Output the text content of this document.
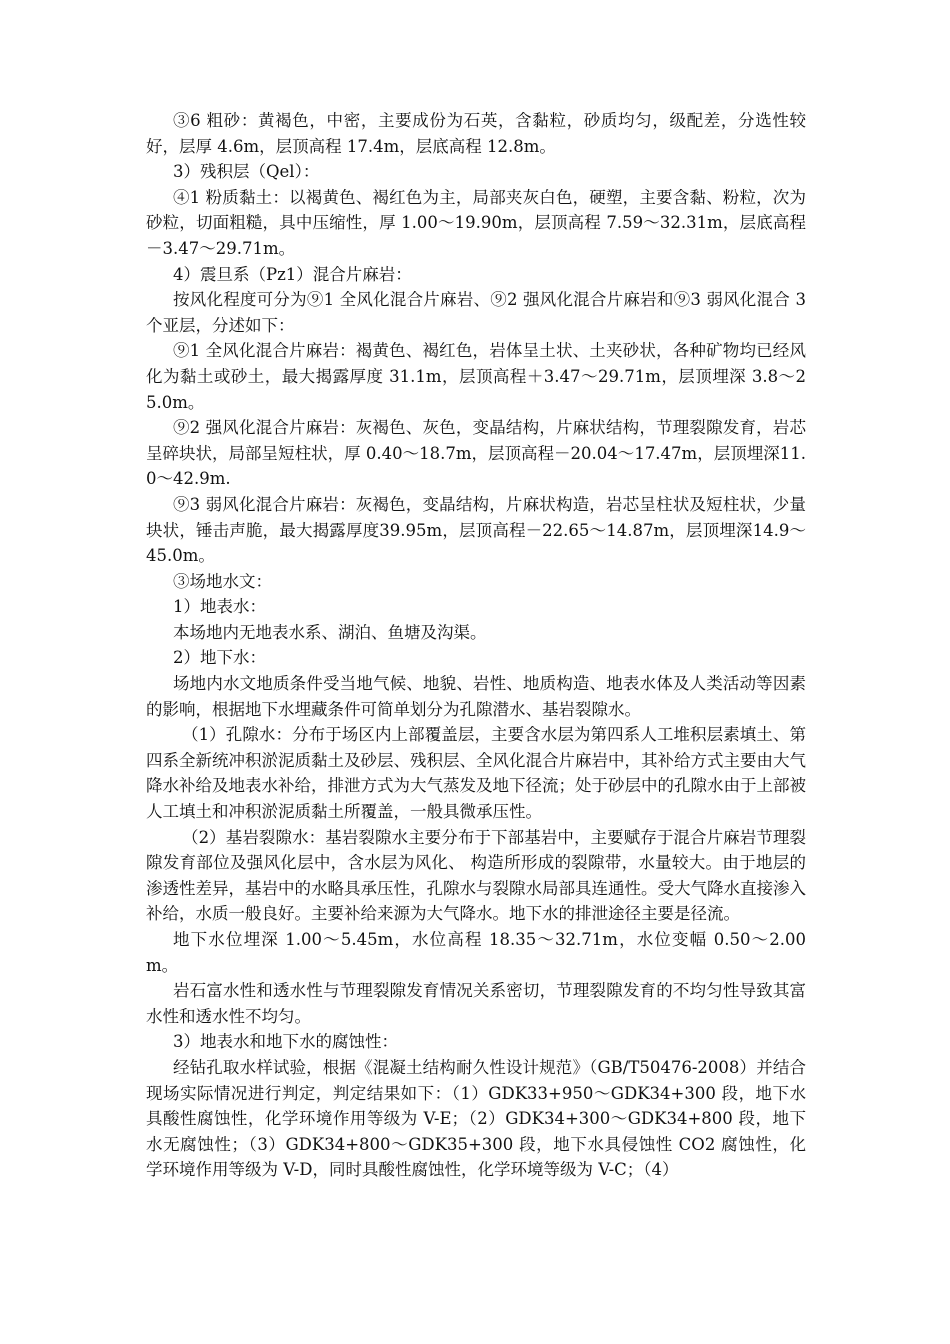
③6 粗砂：黄褐色，中密，主要成份为石英，含黏粒，砂质均匀，级配差，分选性较好，层厚 4.6m，层顶高程 17.4m，层底高程 12.8m。

3）残积层（Qel）：

④1 粉质黏土：以褐黄色、褐红色为主，局部夹灰白色，硬塑，主要含黏、粉粒，次为砂粒，切面粗糙，具中压缩性，厚 1.00～19.90m，层顶高程 7.59～32.31m，层底高程－3.47～29.71m。

4）震旦系（Pz1）混合片麻岩：

按风化程度可分为⑨1 全风化混合片麻岩、⑨2 强风化混合片麻岩和⑨3 弱风化混合 3 个亚层，分述如下：

⑨1 全风化混合片麻岩：褐黄色、褐红色，岩体呈土状、土夹砂状，各种矿物均已经风化为黏土或砂土，最大揭露厚度 31.1m，层顶高程＋3.47～29.71m，层顶埋深 3.8～25.0m。

⑨2 强风化混合片麻岩：灰褐色、灰色，变晶结构，片麻状结构，节理裂隙发育，岩芯呈碎块状，局部呈短柱状，厚 0.40～18.7m，层顶高程－20.04～17.47m，层顶埋深11.0～42.9m.

⑨3 弱风化混合片麻岩：灰褐色，变晶结构，片麻状构造，岩芯呈柱状及短柱状，少量块状，锤击声脆，最大揭露厚度39.95m，层顶高程－22.65～14.87m，层顶埋深14.9～45.0m。

③场地水文：

1）地表水：

本场地内无地表水系、湖泊、鱼塘及沟渠。

2）地下水：

场地内水文地质条件受当地气候、地貌、岩性、地质构造、地表水体及人类活动等因素的影响，根据地下水埋藏条件可简单划分为孔隙潜水、基岩裂隙水。

（1）孔隙水：分布于场区内上部覆盖层，主要含水层为第四系人工堆积层素填土、第四系全新统冲积淤泥质黏土及砂层、残积层、全风化混合片麻岩中，其补给方式主要由大气降水补给及地表水补给，排泄方式为大气蒸发及地下径流；处于砂层中的孔隙水由于上部被人工填土和冲积淤泥质黏土所覆盖，一般具微承压性。

（2）基岩裂隙水：基岩裂隙水主要分布于下部基岩中，主要赋存于混合片麻岩节理裂隙发育部位及强风化层中，含水层为风化、 构造所形成的裂隙带，水量较大。由于地层的渗透性差异，基岩中的水略具承压性，孔隙水与裂隙水局部具连通性。受大气降水直接渗入补给，水质一般良好。主要补给来源为大气降水。地下水的排泄途径主要是径流。

地下水位埋深 1.00～5.45m，水位高程 18.35～32.71m，水位变幅 0.50～2.00m。

岩石富水性和透水性与节理裂隙发育情况关系密切，节理裂隙发育的不均匀性导致其富水性和透水性不均匀。

3）地表水和地下水的腐蚀性：

经钻孔取水样试验，根据《混凝土结构耐久性设计规范》（GB/T50476-2008）并结合现场实际情况进行判定，判定结果如下：（1）GDK33+950～GDK34+300 段，地下水具酸性腐蚀性，化学环境作用等级为 V-E；（2）GDK34+300～GDK34+800 段，地下水无腐蚀性；（3）GDK34+800～GDK35+300 段，地下水具侵蚀性 CO2 腐蚀性，化学环境作用等级为 V-D，同时具酸性腐蚀性，化学环境等级为 V-C；（4）
